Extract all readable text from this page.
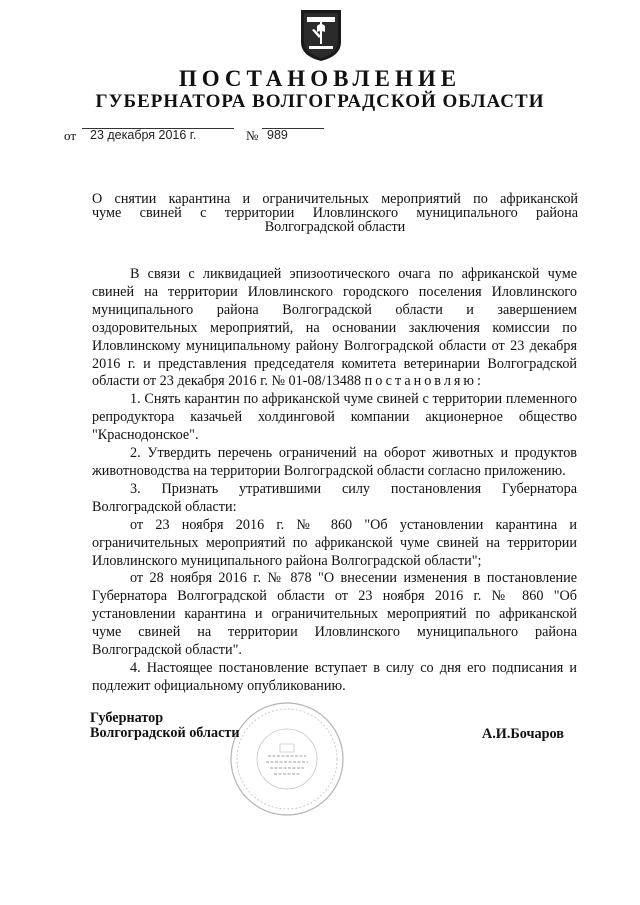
ПОСТАНОВЛЕНИЕ
ГУБЕРНАТОРА ВОЛГОГРАДСКОЙ ОБЛАСТИ
от 23 декабря 2016 г.	№ 989
О снятии карантина и ограничительных мероприятий по африканской
чуме свиней с территории Иловлинского муниципального района
Волгоградской области

В связи с ликвидацией эпизоотического очага по африканской чуме свиней на территории Иловлинского городского поселения Иловлинского муниципального района Волгоградской области и завершением оздоровительных мероприятий, на основании заключения комиссии по Иловлинскому муниципальному району Волгоградской области от 23 декабря 2016 г. и представления председателя комитета ветеринарии Волгоградской области от 23 декабря 2016 г. № 01-08/13488 постановляю:

1. Снять карантин по африканской чуме свиней с территории племенного репродуктора казачьей холдинговой компании акционерное общество "Краснодонское".

2. Утвердить перечень ограничений на оборот животных и продуктов животноводства на территории Волгоградской области согласно приложению.

3. Признать утратившими силу постановления Губернатора Волгоградской области:

от 23 ноября 2016 г. № 860 "Об установлении карантина и ограничительных мероприятий по африканской чуме свиней на территории Иловлинского муниципального района Волгоградской области";

от 28 ноября 2016 г. № 878 "О внесении изменения в постановление Губернатора Волгоградской области от 23 ноября 2016 г. № 860 "Об установлении карантина и ограничительных мероприятий по африканской чуме свиней на территории Иловлинского муниципального района Волгоградской области".

4. Настоящее постановление вступает в силу со дня его подписания и подлежит официальному опубликованию.

Губернатор
Волгоградской области	А.И.Бочаров
